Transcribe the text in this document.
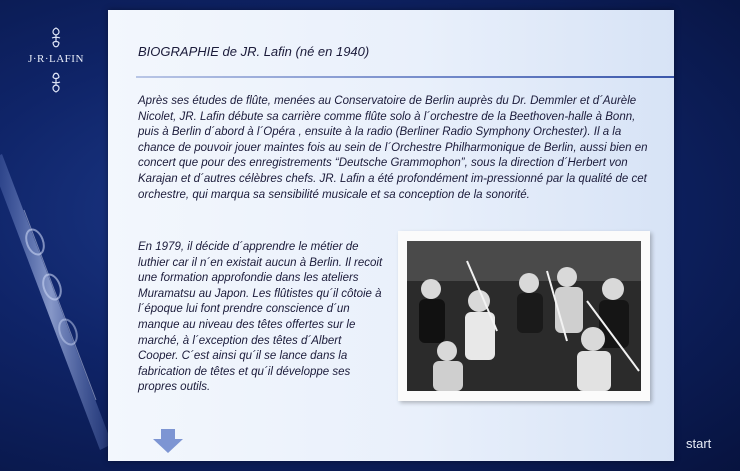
J·R·LAFIN	BIOGRAPHIE de JR. Lafin (né en 1940)

Après ses études de flûte, menées au Conservatoire de Berlin auprès du Dr. Demmler et d´Aurèle Nicolet, JR. Lafin débute sa carrière comme flûte solo à l´orchestre de la Beethoven-halle à Bonn, puis à Berlin d´abord à l´Opéra , ensuite à la radio (Berliner Radio Symphony Orchester). Il a la chance de pouvoir jouer maintes fois au sein de l´Orchestre Philharmonique de Berlin, aussi bien en concert que pour des enregistrements “Deutsche Grammophon”, sous la direction d´Herbert von Karajan et d´autres célèbres chefs. JR. Lafin a été profondément im-pressionné par la qualité de cet orchestre, qui marqua sa sensibilité musicale et sa conception de la sonorité.

En 1979, il décide d´apprendre le métier de luthier car il n´en existait aucun à Berlin. Il recoit une formation approfondie dans les ateliers Muramatsu au Japon. Les flûtistes qu´il côtoie à l´époque lui font prendre conscience d´un manque au niveau des têtes offertes sur le marché, à l´exception des têtes d´Albert Cooper. C´est ainsi qu´il se lance dans la fabrication de têtes et qu´il développe ses propres outils.

start
